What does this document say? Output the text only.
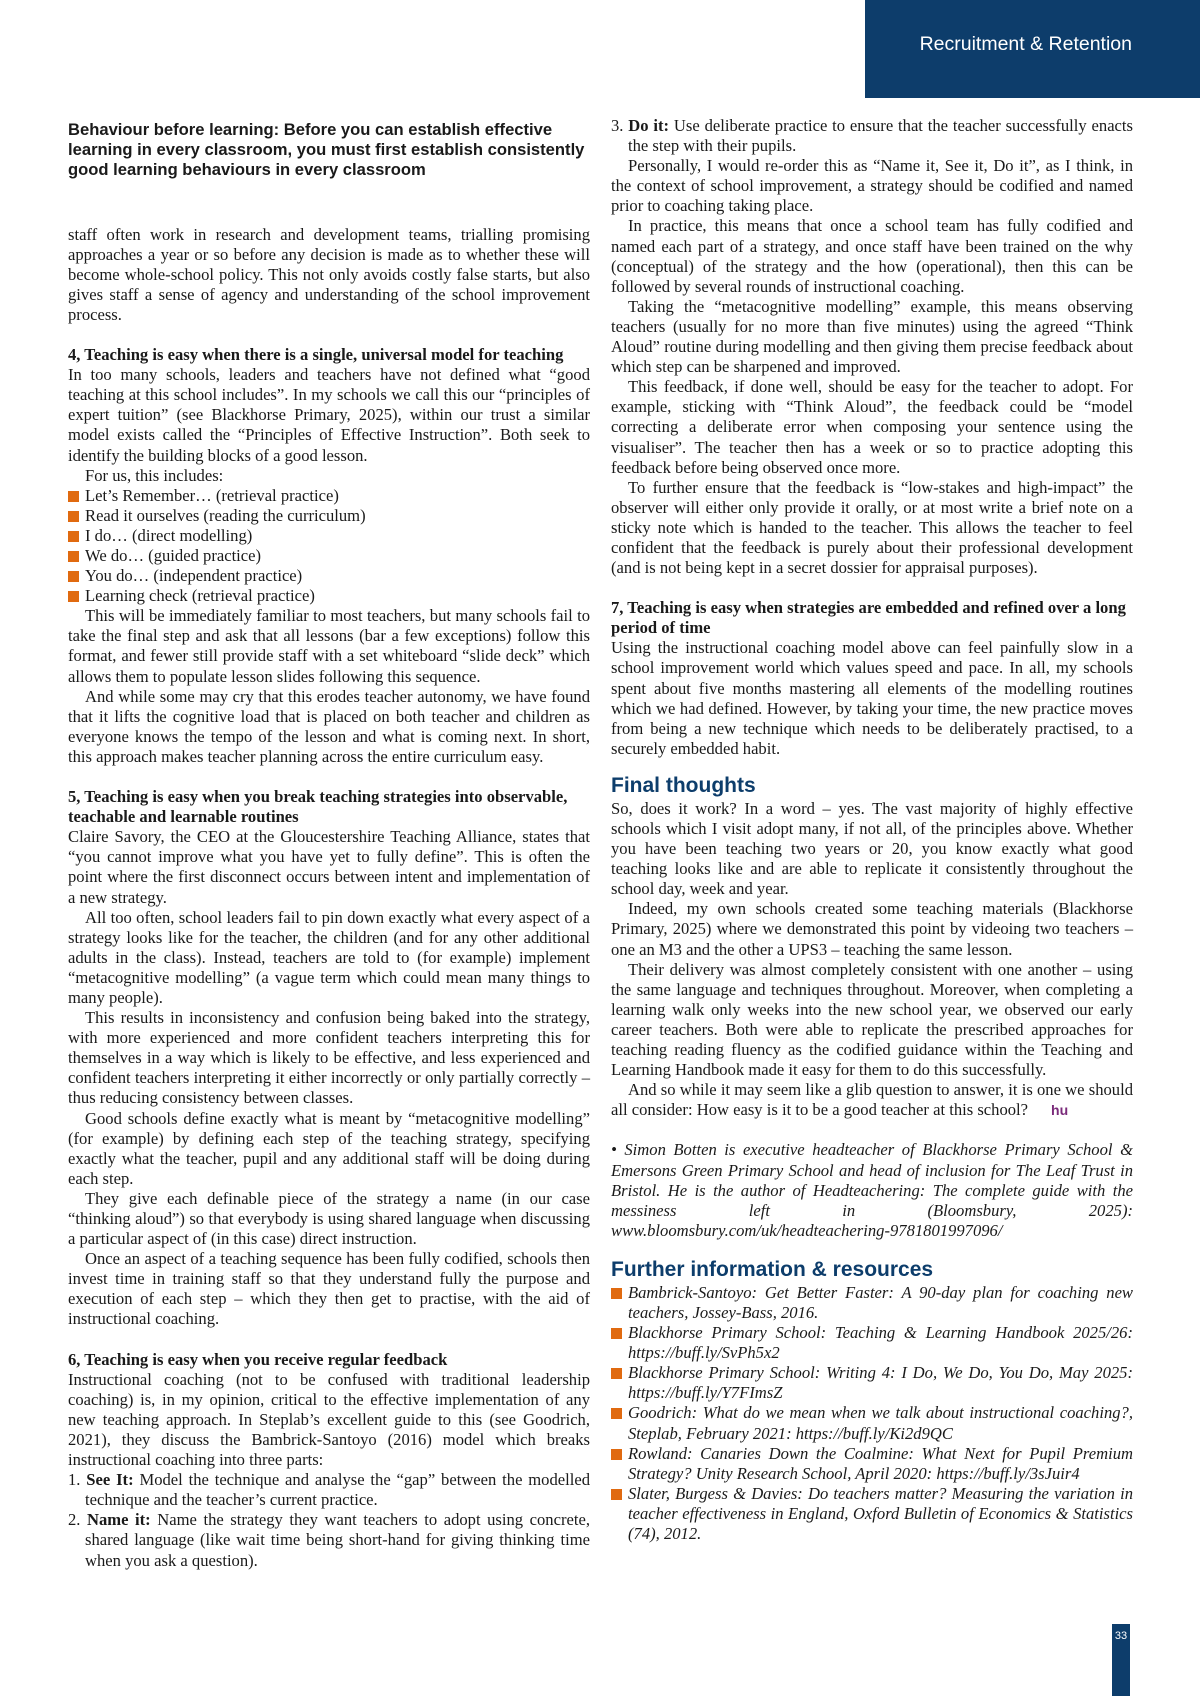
Recruitment & Retention
Behaviour before learning: Before you can establish effective learning in every classroom, you must first establish consistently good learning behaviours in every classroom

staff often work in research and development teams, trialling promising approaches a year or so before any decision is made as to whether these will become whole-school policy. This not only avoids costly false starts, but also gives staff a sense of agency and understanding of the school improvement process.

4, Teaching is easy when there is a single, universal model for teaching

In too many schools, leaders and teachers have not defined what “good teaching at this school includes”. In my schools we call this our “principles of expert tuition” (see Blackhorse Primary, 2025), within our trust a similar model exists called the “Principles of Effective Instruction”. Both seek to identify the building blocks of a good lesson.

For us, this includes:

Let’s Remember… (retrieval practice)
Read it ourselves (reading the curriculum)
I do… (direct modelling)
We do… (guided practice)
You do… (independent practice)
Learning check (retrieval practice)

This will be immediately familiar to most teachers, but many schools fail to take the final step and ask that all lessons (bar a few exceptions) follow this format, and fewer still provide staff with a set whiteboard “slide deck” which allows them to populate lesson slides following this sequence.

And while some may cry that this erodes teacher autonomy, we have found that it lifts the cognitive load that is placed on both teacher and children as everyone knows the tempo of the lesson and what is coming next. In short, this approach makes teacher planning across the entire curriculum easy.

5, Teaching is easy when you break teaching strategies into observable, teachable and learnable routines

Claire Savory, the CEO at the Gloucestershire Teaching Alliance, states that “you cannot improve what you have yet to fully define”. This is often the point where the first disconnect occurs between intent and implementation of a new strategy.

All too often, school leaders fail to pin down exactly what every aspect of a strategy looks like for the teacher, the children (and for any other additional adults in the class). Instead, teachers are told to (for example) implement “metacognitive modelling” (a vague term which could mean many things to many people).

This results in inconsistency and confusion being baked into the strategy, with more experienced and more confident teachers interpreting this for themselves in a way which is likely to be effective, and less experienced and confident teachers interpreting it either incorrectly or only partially correctly – thus reducing consistency between classes.

Good schools define exactly what is meant by “metacognitive modelling” (for example) by defining each step of the teaching strategy, specifying exactly what the teacher, pupil and any additional staff will be doing during each step.

They give each definable piece of the strategy a name (in our case “thinking aloud”) so that everybody is using shared language when discussing a particular aspect of (in this case) direct instruction.

Once an aspect of a teaching sequence has been fully codified, schools then invest time in training staff so that they understand fully the purpose and execution of each step – which they then get to practise, with the aid of instructional coaching.

6, Teaching is easy when you receive regular feedback

Instructional coaching (not to be confused with traditional leadership coaching) is, in my opinion, critical to the effective implementation of any new teaching approach. In Steplab’s excellent guide to this (see Goodrich, 2021), they discuss the Bambrick-Santoyo (2016) model which breaks instructional coaching into three parts:

1. See It: Model the technique and analyse the “gap” between the modelled technique and the teacher’s current practice.
2. Name it: Name the strategy they want teachers to adopt using concrete, shared language (like wait time being short-hand for giving thinking time when you ask a question).
3. Do it: Use deliberate practice to ensure that the teacher successfully enacts the step with their pupils.

Personally, I would re-order this as “Name it, See it, Do it”, as I think, in the context of school improvement, a strategy should be codified and named prior to coaching taking place.

In practice, this means that once a school team has fully codified and named each part of a strategy, and once staff have been trained on the why (conceptual) of the strategy and the how (operational), then this can be followed by several rounds of instructional coaching.

Taking the “metacognitive modelling” example, this means observing teachers (usually for no more than five minutes) using the agreed “Think Aloud” routine during modelling and then giving them precise feedback about which step can be sharpened and improved.

This feedback, if done well, should be easy for the teacher to adopt. For example, sticking with “Think Aloud”, the feedback could be “model correcting a deliberate error when composing your sentence using the visualiser”. The teacher then has a week or so to practice adopting this feedback before being observed once more.

To further ensure that the feedback is “low-stakes and high-impact” the observer will either only provide it orally, or at most write a brief note on a sticky note which is handed to the teacher. This allows the teacher to feel confident that the feedback is purely about their professional development (and is not being kept in a secret dossier for appraisal purposes).

7, Teaching is easy when strategies are embedded and refined over a long period of time

Using the instructional coaching model above can feel painfully slow in a school improvement world which values speed and pace. In all, my schools spent about five months mastering all elements of the modelling routines which we had defined. However, by taking your time, the new practice moves from being a new technique which needs to be deliberately practised, to a securely embedded habit.

Final thoughts

So, does it work? In a word – yes. The vast majority of highly effective schools which I visit adopt many, if not all, of the principles above. Whether you have been teaching two years or 20, you know exactly what good teaching looks like and are able to replicate it consistently throughout the school day, week and year.

Indeed, my own schools created some teaching materials (Blackhorse Primary, 2025) where we demonstrated this point by videoing two teachers – one an M3 and the other a UPS3 – teaching the same lesson.

Their delivery was almost completely consistent with one another – using the same language and techniques throughout. Moreover, when completing a learning walk only weeks into the new school year, we observed our early career teachers. Both were able to replicate the prescribed approaches for teaching reading fluency as the codified guidance within the Teaching and Learning Handbook made it easy for them to do this successfully.

And so while it may seem like a glib question to answer, it is one we should all consider: How easy is it to be a good teacher at this school? hu

• Simon Botten is executive headteacher of Blackhorse Primary School & Emersons Green Primary School and head of inclusion for The Leaf Trust in Bristol. He is the author of Headteachering: The complete guide with the messiness left in (Bloomsbury, 2025): www.bloomsbury.com/uk/headteachering-9781801997096/

Further information & resources
Bambrick-Santoyo: Get Better Faster: A 90-day plan for coaching new teachers, Jossey-Bass, 2016.
Blackhorse Primary School: Teaching & Learning Handbook 2025/26: https://buff.ly/SvPh5x2
Blackhorse Primary School: Writing 4: I Do, We Do, You Do, May 2025: https://buff.ly/Y7FImsZ
Goodrich: What do we mean when we talk about instructional coaching?, Steplab, February 2021: https://buff.ly/Ki2d9QC
Rowland: Canaries Down the Coalmine: What Next for Pupil Premium Strategy? Unity Research School, April 2020: https://buff.ly/3sJuir4
Slater, Burgess & Davies: Do teachers matter? Measuring the variation in teacher effectiveness in England, Oxford Bulletin of Economics & Statistics (74), 2012.
33
